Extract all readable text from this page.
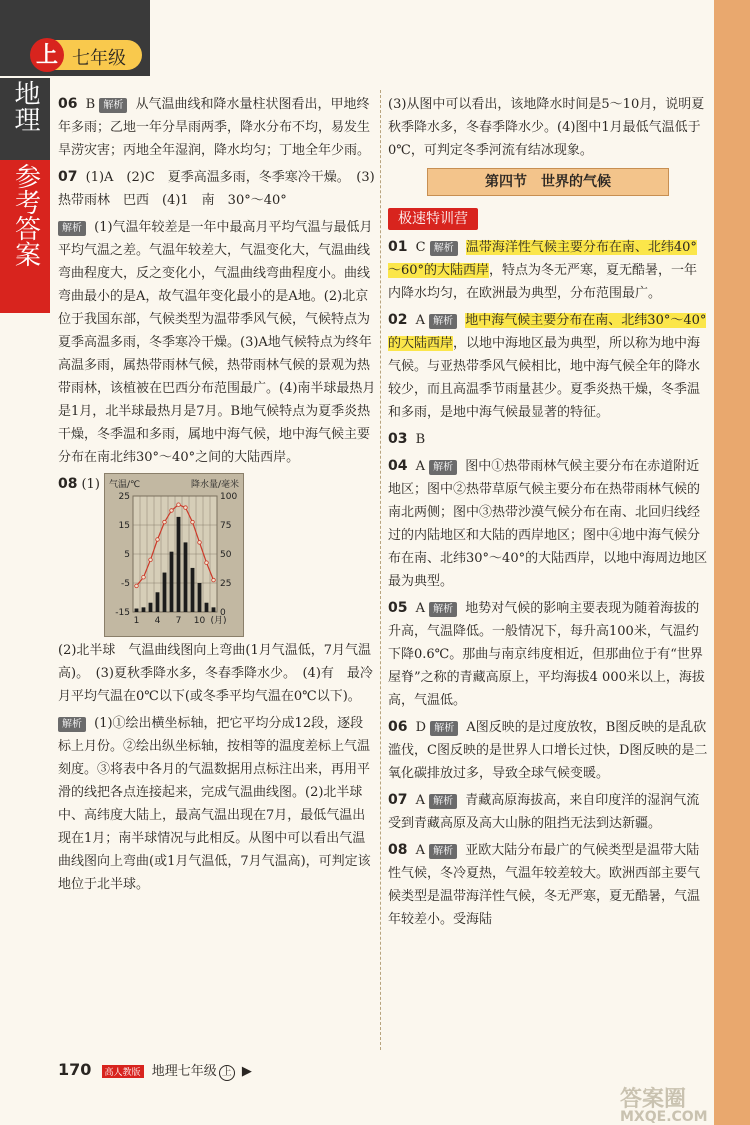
上 七年级
地理
参考答案
06 B 解析 从气温曲线和降水量柱状图看出，甲地终年多雨；乙地一年分旱雨两季，降水分布不均，易发生旱涝灾害；丙地全年湿润，降水均匀；丁地全年少雨。
07 (1)A　(2)C　夏季高温多雨，冬季寒冷干燥。　(3)热带雨林　巴西　(4)1　南　30°～40°
解析 (1)气温年较差是一年中最高月平均气温与最低月平均气温之差。气温年较差大，气温变化大，气温曲线弯曲程度大，反之变化小，气温曲线弯曲程度小。曲线弯曲最小的是A，故气温年变化最小的是A地。(2)北京位于我国东部，气候类型为温带季风气候，气候特点为夏季高温多雨，冬季寒冷干燥。(3)A地气候特点为终年高温多雨，属热带雨林气候，热带雨林气候的景观为热带雨林，该植被在巴西分布范围最广。(4)南半球最热月是1月，北半球最热月是7月。B地气候特点为夏季炎热干燥，冬季温和多雨，属地中海气候，地中海气候主要分布在南北纬30°～40°之间的大陆西岸。
08 (1)
25
15
5
-5
-15
100
75
50
25
0
1 4 7 10 (月)
气温/℃	降水量/毫米
(2)北半球　气温曲线图向上弯曲(1月气温低，7月气温高)。　(3)夏秋季降水多，冬春季降水少。　(4)有　最冷月平均气温在0℃以下(或冬季平均气温在0℃以下)。
解析 (1)①绘出横坐标轴，把它平均分成12段，逐段标上月份。②绘出纵坐标轴，按相等的温度差标上气温刻度。③将表中各月的气温数据用点标注出来，再用平滑的线把各点连接起来，完成气温曲线图。(2)北半球中、高纬度大陆上，最高气温出现在7月，最低气温出现在1月；南半球情况与此相反。从图中可以看出气温曲线图向上弯曲(或1月气温低，7月气温高)，可判定该地位于北半球。
(3)从图中可以看出，该地降水时间是5～10月，说明夏秋季降水多，冬春季降水少。(4)图中1月最低气温低于0℃，可判定冬季河流有结冰现象。
第四节　世界的气候
极速特训营
01 C 解析 温带海洋性气候主要分布在南、北纬40°～60°的大陆西岸，特点为冬无严寒，夏无酷暑，一年内降水均匀，在欧洲最为典型，分布范围最广。
02 A 解析 地中海气候主要分布在南、北纬30°～40°的大陆西岸，以地中海地区最为典型，所以称为地中海气候。与亚热带季风气候相比，地中海气候全年的降水较少，而且高温季节雨量甚少。夏季炎热干燥，冬季温和多雨，是地中海气候最显著的特征。
03 B
04 A 解析 图中①热带雨林气候主要分布在赤道附近地区；图中②热带草原气候主要分布在热带雨林气候的南北两侧；图中③热带沙漠气候分布在南、北回归线经过的内陆地区和大陆的西岸地区；图中④地中海气候分布在南、北纬30°～40°的大陆西岸，以地中海周边地区最为典型。
05 A 解析 地势对气候的影响主要表现为随着海拔的升高，气温降低。一般情况下，每升高100米，气温约下降0.6℃。那曲与南京纬度相近，但那曲位于有“世界屋脊”之称的青藏高原上，平均海拔4 000米以上，海拔高，气温低。
06 D 解析 A图反映的是过度放牧，B图反映的是乱砍滥伐，C图反映的是世界人口增长过快，D图反映的是二氧化碳排放过多，导致全球气候变暖。
07 A 解析 青藏高原海拔高，来自印度洋的湿润气流受到青藏高原及高大山脉的阻挡无法到达新疆。
08 A 解析 亚欧大陆分布最广的气候类型是温带大陆性气候，冬冷夏热，气温年较差较大。欧洲西部主要气候类型是温带海洋性气候，冬无严寒，夏无酷暑，气温年较差小。受海陆
170 高人教版 地理七年级 上 ▶
答案圈
MXQE.COM
